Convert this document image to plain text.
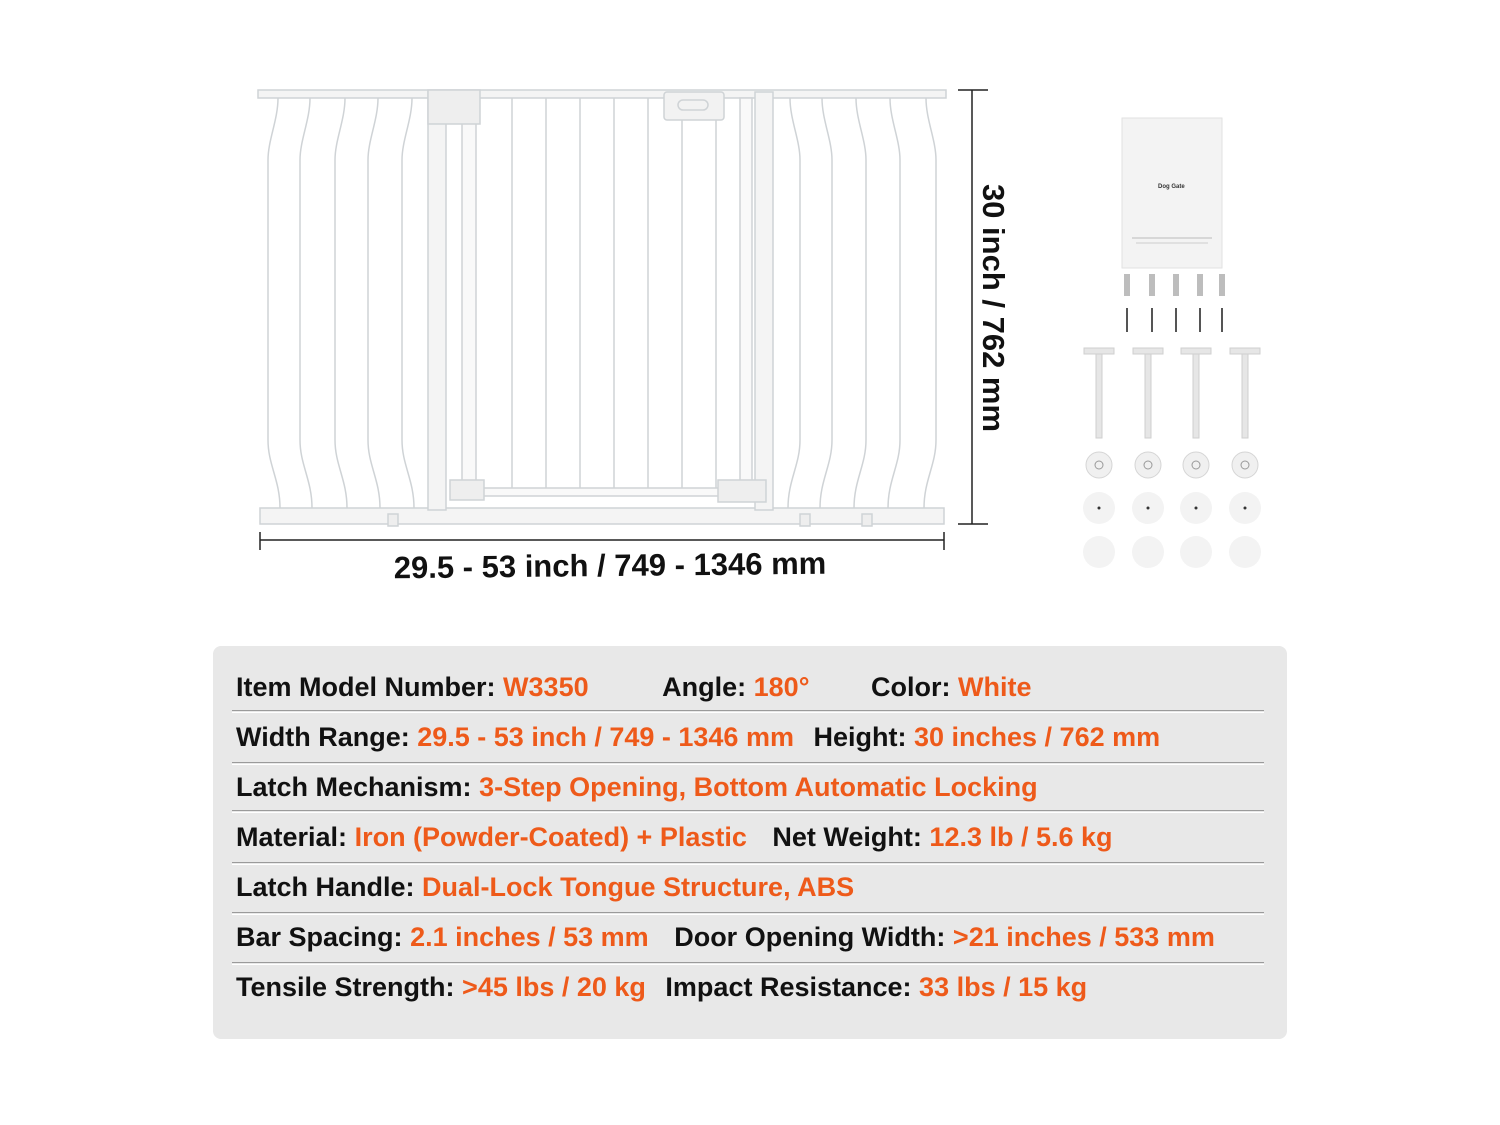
29.5 - 53 inch / 749 - 1346 mm
30 inch / 762 mm	Dog Gate
Item Model Number: W3350	Angle: 180° Color: White
Width Range: 29.5 - 53 inch / 749 - 1346 mm Height: 30 inches / 762 mm
Latch Mechanism: 3-Step Opening, Bottom Automatic Locking
Material: Iron (Powder-Coated) + Plastic Net Weight: 12.3 lb / 5.6 kg
Latch Handle: Dual-Lock Tongue Structure, ABS
Bar Spacing: 2.1 inches / 53 mm Door Opening Width: >21 inches / 533 mm
Tensile Strength: >45 lbs / 20 kg Impact Resistance: 33 lbs / 15 kg
